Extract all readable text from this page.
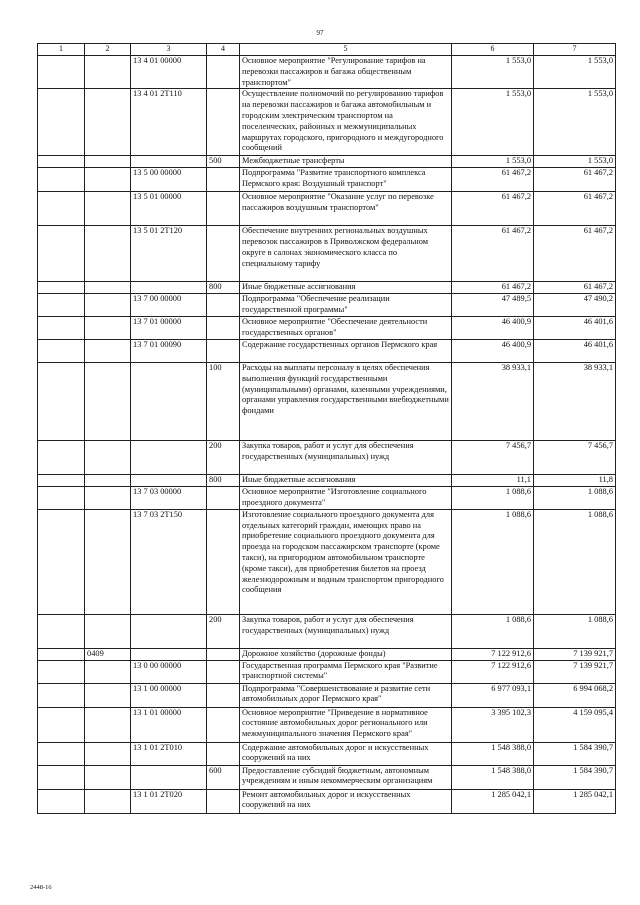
97
1	2	3	4	5	6	7
		13 4 01 00000		Основное мероприятие "Регулирование тарифов на перевозки пассажиров и багажа общественным транспортом"	1 553,0	1 553,0
		13 4 01 2Т110		Осуществление полномочий по регулированию тарифов на перевозки пассажиров и багажа автомобильным и городским электрическим транспортом на поселенческих, районных и межмуниципальных маршрутах городского, пригородного и междугородного сообщений	1 553,0	1 553,0
			500	Межбюджетные трансферты	1 553,0	1 553,0
		13 5 00 00000		Подпрограмма "Развитие транспортного комплекса Пермского края: Воздушный транспорт"	61 467,2	61 467,2
		13 5 01 00000		Основное мероприятие "Оказание услуг по перевозке пассажиров воздушным транспортом"	61 467,2	61 467,2
		13 5 01 2Т120		Обеспечение внутренних региональных воздушных перевозок пассажиров в Приволжском федеральном округе в салонах экономического класса по специальному тарифу	61 467,2	61 467,2
			800	Иные бюджетные ассигнования	61 467,2	61 467,2
		13 7 00 00000		Подпрограмма "Обеспечение реализации государственной программы"	47 489,5	47 490,2
		13 7 01 00000		Основное мероприятие "Обеспечение деятельности государственных органов"	46 400,9	46 401,6
		13 7 01 00090		Содержание государственных органов Пермского края	46 400,9	46 401,6
			100	Расходы на выплаты персоналу в целях обеспечения выполнения функций государственными (муниципальными) органами, казенными учреждениями, органами управления государственными внебюджетными фондами	38 933,1	38 933,1
			200	Закупка товаров, работ и услуг для обеспечения государственных (муниципальных) нужд	7 456,7	7 456,7
			800	Иные бюджетные ассигнования	11,1	11,8
		13 7 03 00000		Основное мероприятие "Изготовление социального проездного документа"	1 088,6	1 088,6
		13 7 03 2Т150		Изготовление социального проездного документа для отдельных категорий граждан, имеющих право на приобретение социального проездного документа для проезда на городском пассажирском транспорте (кроме такси), на пригородном автомобильном транспорте (кроме такси), для приобретения билетов на проезд железнодорожным и водным транспортом пригородного сообщения	1 088,6	1 088,6
			200	Закупка товаров, работ и услуг для обеспечения государственных (муниципальных) нужд	1 088,6	1 088,6
	0409			Дорожное хозяйство (дорожные фонды)	7 122 912,6	7 139 921,7
		13 0 00 00000		Государственная программа Пермского края "Развитие транспортной системы"	7 122 912,6	7 139 921,7
		13 1 00 00000		Подпрограмма "Совершенствование и развитие сети автомобильных дорог Пермского края"	6 977 093,1	6 994 068,2
		13 1 01 00000		Основное мероприятие "Приведение в нормативное состояние автомобильных дорог регионального или межмуниципального значения Пермского края"	3 395 102,3	4 159 095,4
		13 1 01 2Т010		Содержание автомобильных дорог и искусственных сооружений на них	1 548 388,0	1 584 390,7
			600	Предоставление субсидий бюджетным, автономным учреждениям и иным некоммерческим организациям	1 548 388,0	1 584 390,7
		13 1 01 2Т020		Ремонт автомобильных дорог и искусственных сооружений на них	1 285 042,1	1 285 042,1
2448-16
